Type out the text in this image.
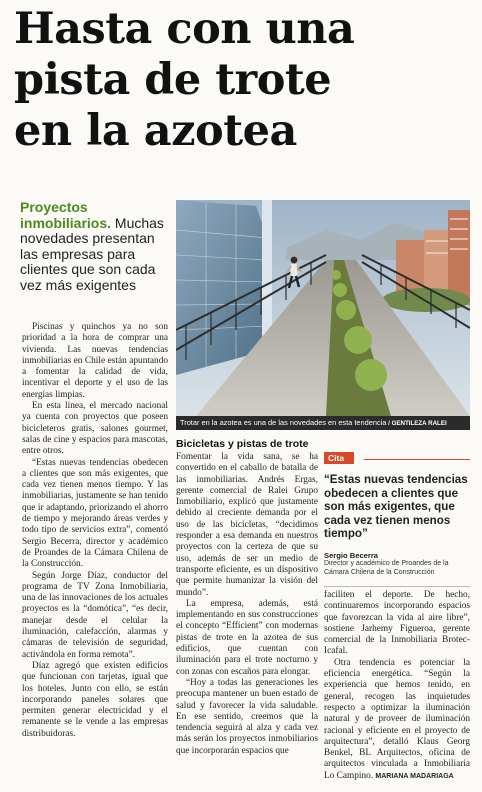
Hasta con una
pista de trote
en la azotea
Proyectos inmobiliarios. Muchas novedades presentan las empresas para clientes que son cada vez más exigentes
Trotar en la azotea es una de las novedades en esta tendencia / GENTILEZA RALEI

Piscinas y quinchos ya no son prioridad a la hora de comprar una vivienda. Las nuevas tendencias inmobiliarias en Chile están apuntando a fomentar la calidad de vida, incentivar el deporte y el uso de las energías limpias.

En esta línea, el mercado nacional ya cuenta con proyectos que poseen bicicleteros gratis, salones gourmet, salas de cine y espacios para mascotas, entre otros.

“Estas nuevas tendencias obedecen a clientes que son más exigentes, que cada vez tienen menos tiempo. Y las inmobiliarias, justamente se han tenido que ir adaptando, priorizando el ahorro de tiempo y mejorando áreas verdes y todo tipo de servicios extra”, comentó Sergio Becerra, director y académico de Proandes de la Cámara Chilena de la Construcción.

Según Jorge Díaz, conductor del programa de TV Zona Inmobiliaria, una de las innovaciones de los actuales proyectos es la “domótica”, “es decir, manejar desde el celular la iluminación, calefacción, alarmas y cámaras de televisión de seguridad, activándola en forma remota”.

Díaz agregó que existen edificios que funcionan con tarjetas, igual que los hoteles. Junto con ello, se están incorporando paneles solares que permiten generar electricidad y el remanente se le vende a las empresas distribuidoras.

Bicicletas y pistas de trote

Fomentar la vida sana, se ha convertido en el caballo de batalla de las inmobiliarias. Andrés Ergas, gerente comercial de Ralei Grupo Inmobiliario, explicó que justamente debido al creciente demanda por el uso de las bicicletas, “decidimos responder a esa demanda en nuestros proyectos con la certeza de que su uso, además de ser un medio de transporte eficiente, es un dispositivo que permite humanizar la visión del mundo”.

La empresa, además, está implementando en sus construcciones el concepto “Efficient” con modernas pistas de trote en la azotea de sus edificios, que cuentan con iluminación para el trote nocturno y con zonas con escaños para elongar.

“Hoy a todas las generaciones les preocupa mantener un buen estado de salud y favorecer la vida saludable. En ese sentido, creemos que la tendencia seguirá al alza y cada vez más serán los proyectos inmobiliarios que incorporarán espacios que

Cita
“Estas nuevas tendencias obedecen a clientes que son más exigentes, que cada vez tienen menos tiempo”
Sergio Becerra
Director y académico de Proandes de la Cámara Chilena de la Construcción

faciliten el deporte. De hecho, continuaremos incorporando espacios que favorezcan la vida al aire libre”, sostiene Jarhemy Figueroa, gerente comercial de la Inmobiliaria Brotec-Icafal.

Otra tendencia es potenciar la eficiencia energética. “Según la experiencia que hemos tenido, en general, recogen las inquietudes respecto a optimizar la iluminación natural y de proveer de iluminación racional y eficiente en el proyecto de arquitectura”, detalló Klaus Georg Benkel, BL Arquitectos, oficina de arquitectos vinculada a Inmobiliaria Lo Campino. MARIANA MADARIAGA
